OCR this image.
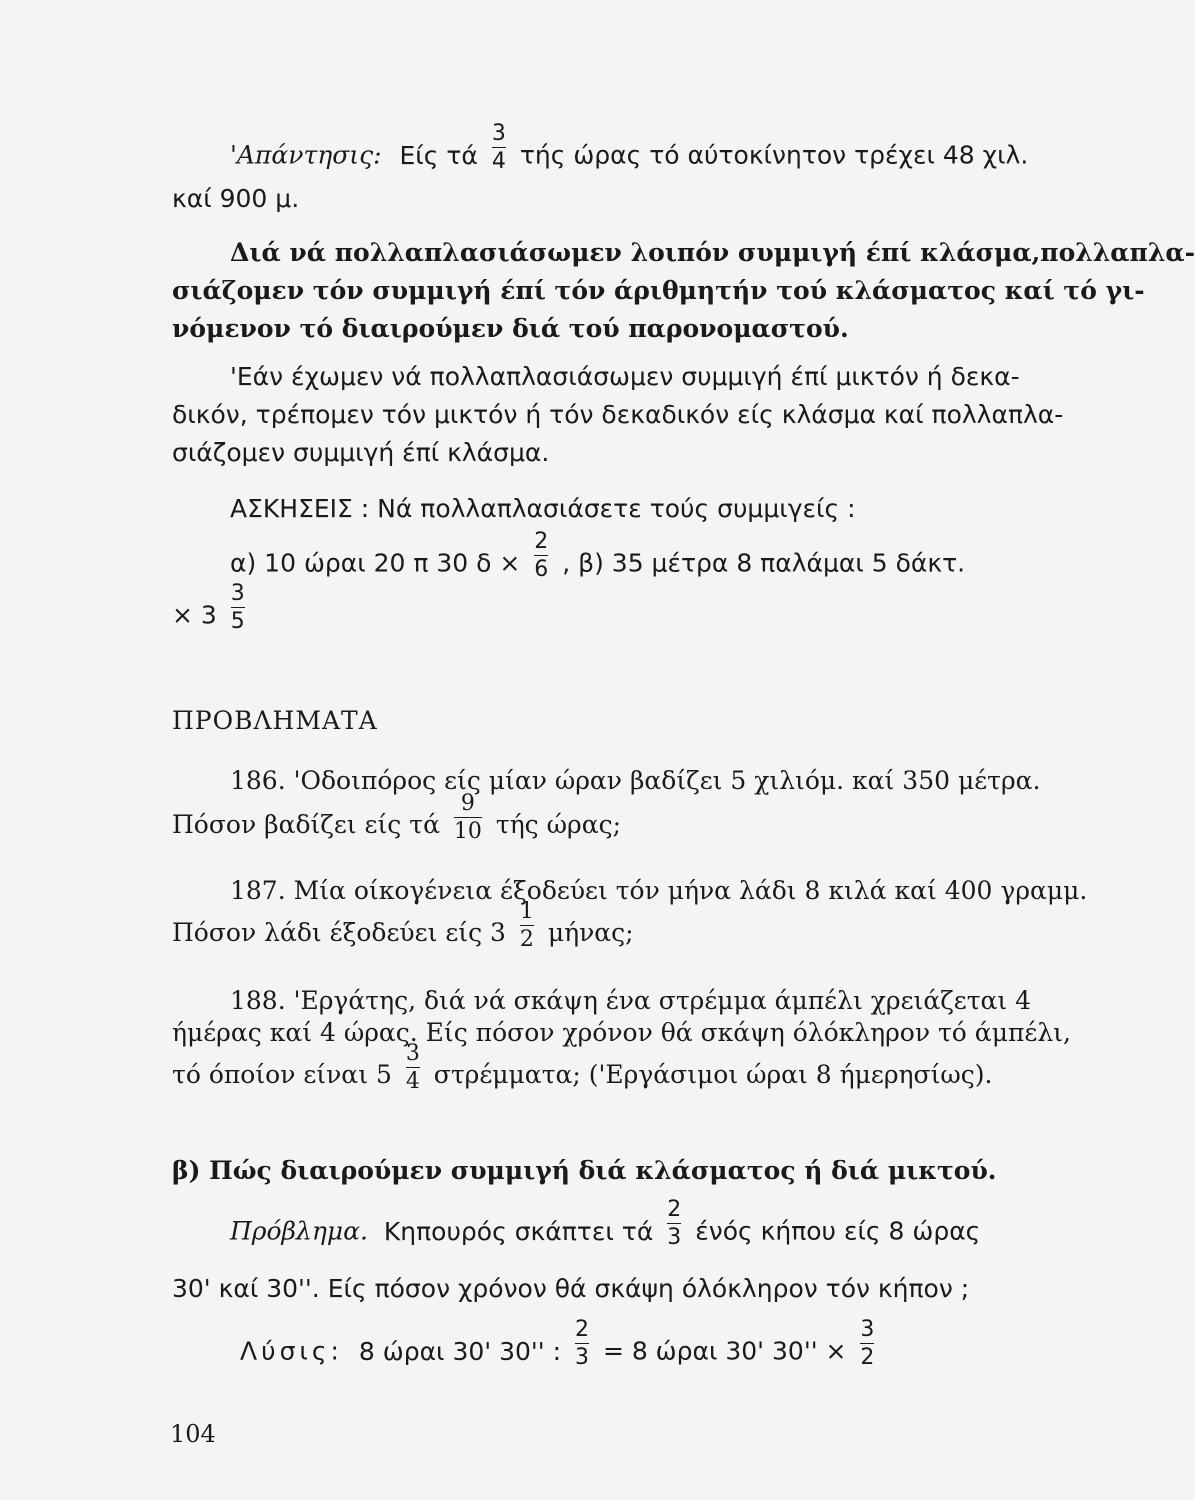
'Απάντησις: Είς τά $\frac{3}{4}$ τής ώρας τό αύτοκίνητον τρέχει 48 χιλ.
καί 900 μ.
Διά νά πολλαπλασιάσωμεν λοιπόν συμμιγή έπί κλάσμα,πολλαπλα-
σιάζομεν τόν συμμιγή έπί τόν άριθμητήν τού κλάσματος καί τό γι-
νόμενον τό διαιρούμεν διά τού παρονομαστού.
'Εάν έχωμεν νά πολλαπλασιάσωμεν συμμιγή έπί μικτόν ή δεκα-
δικόν, τρέπομεν τόν μικτόν ή τόν δεκαδικόν είς κλάσμα καί πολλαπλα-
σιάζομεν συμμιγή έπί κλάσμα.
ΑΣΚΗΣΕΙΣ : Νά πολλαπλασιάσετε τούς συμμιγείς :
α) 10 ώραι 20 π 30 $\delta \times \frac{2}{6}$ , β) 35 μέτρα 8 παλάμαι 5 δάκτ.
× $3 \frac{3}{5}$
ΠΡΟΒΛΗΜΑΤΑ
186. 'Οδοιπόρος είς μίαν ώραν βαδίζει 5 χιλιόμ. καί 350 μέτρα.
Πόσον βαδίζει είς τά $\frac{9}{10}$ τής ώρας;
187. Μία οίκογένεια έξοδεύει τόν μήνα λάδι 8 κιλά καί 400 γραμμ.
Πόσον λάδι έξοδεύει είς $3 \frac{1}{2} \mu ή\nu\alpha\varsigma$;
188. 'Εργάτης, διά νά σκάψη ένα στρέμμα άμπέλι χρειάζεται 4
ήμέρας καί 4 ώρας. Είς πόσον χρόνον θά σκάψη όλόκληρον τό άμπέλι,
τό όποίον είναι $5 \frac{3}{4} \sigma\tau\rho έ\mu\mu\alpha\tau\alpha$; ('Εργάσιμοι ώραι 8 ήμερησίως).
β) Πώς διαιρούμεν συμμιγή διά κλάσματος ή διά μικτού.
Πρόβλημα. Κηπουρός σκάπτει τά $\frac{2}{3}$ ένός κήπου είς 8 ώρας
30' καί 30''. Είς πόσον χρόνον θά σκάψη όλόκληρον τόν κήπον ;
Λύσις: 8 ώραι 30' 30'' : $\frac{2}{3} = 8$ ώραι 30' $30'' \times \frac{3}{2}$
104
